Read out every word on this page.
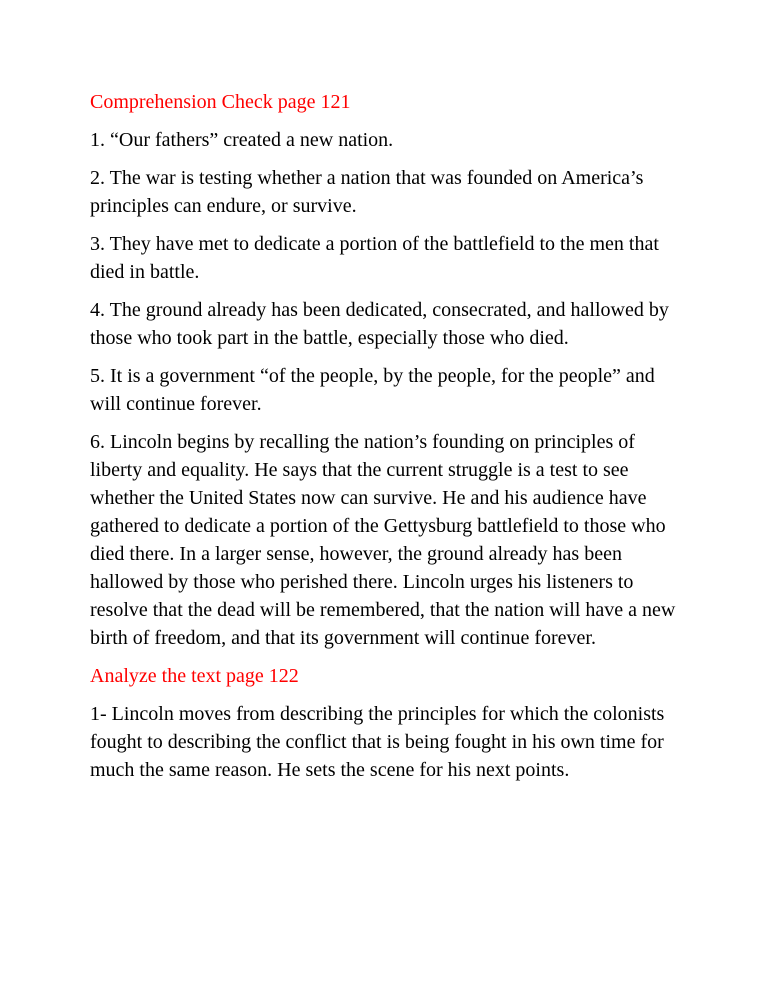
Comprehension Check page 121

1. “Our fathers” created a new nation.

2. The war is testing whether a nation that was founded on America’s principles can endure, or survive.

3. They have met to dedicate a portion of the battlefield to the men that died in battle.

4. The ground already has been dedicated, consecrated, and hallowed by those who took part in the battle, especially those who died.

5. It is a government “of the people, by the people, for the people” and will continue forever.

6. Lincoln begins by recalling the nation’s founding on principles of liberty and equality. He says that the current struggle is a test to see whether the United States now can survive. He and his audience have gathered to dedicate a portion of the Gettysburg battlefield to those who died there. In a larger sense, however, the ground already has been hallowed by those who perished there. Lincoln urges his listeners to resolve that the dead will be remembered, that the nation will have a new birth of freedom, and that its government will continue forever.

Analyze the text page 122

1- Lincoln moves from describing the principles for which the colonists fought to describing the conflict that is being fought in his own time for much the same reason. He sets the scene for his next points.
